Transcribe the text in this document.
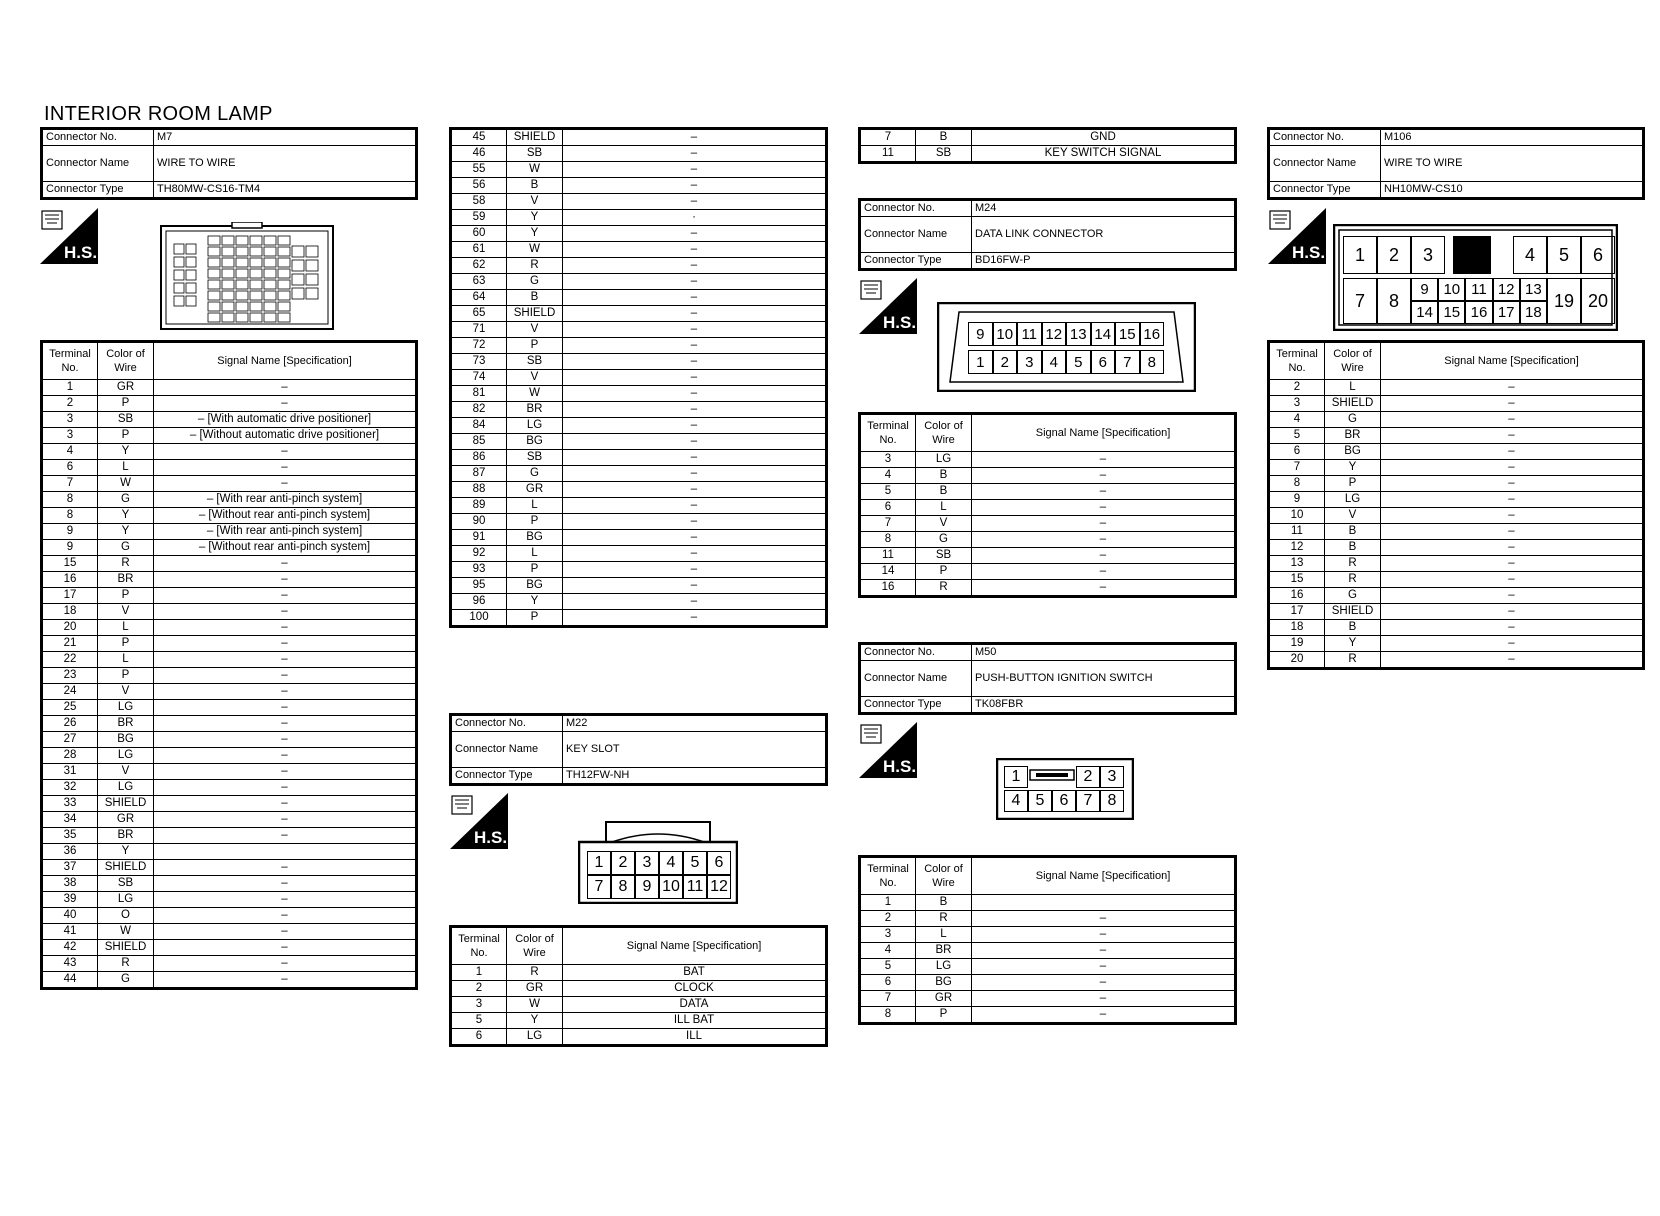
INTERIOR ROOM LAMP
Connector No.	M7
Connector Name	WIRE TO WIRE
Connector Type	TH80MW-CS16-TM4
H.S.
Terminal No.	Color of Wire	Signal Name [Specification]
1	GR	–
2	P	–
3	SB	– [With automatic drive positioner]
3	P	– [Without automatic drive positioner]
4	Y	–
6	L	–
7	W	–
8	G	– [With rear anti-pinch system]
8	Y	– [Without rear anti-pinch system]
9	Y	– [With rear anti-pinch system]
9	G	– [Without rear anti-pinch system]
15	R	–
16	BR	–
17	P	–
18	V	–
20	L	–
21	P	–
22	L	–
23	P	–
24	V	–
25	LG	–
26	BR	–
27	BG	–
28	LG	–
31	V	–
32	LG	–
33	SHIELD	–
34	GR	–
35	BR	–
36	Y	
37	SHIELD	–
38	SB	–
39	LG	–
40	O	–
41	W	–
42	SHIELD	–
43	R	–
44	G	–
45	SHIELD	–
46	SB	–
55	W	–
56	B	–
58	V	–
59	Y	·
60	Y	–
61	W	–
62	R	–
63	G	–
64	B	–
65	SHIELD	–
71	V	–
72	P	–
73	SB	–
74	V	–
81	W	–
82	BR	–
84	LG	–
85	BG	–
86	SB	–
87	G	–
88	GR	–
89	L	–
90	P	–
91	BG	–
92	L	–
93	P	–
95	BG	–
96	Y	–
100	P	–
Connector No.	M22
Connector Name	KEY SLOT
Connector Type	TH12FW-NH
H.S.
1 2 3 4 5 6
7 8 9 10 11 12
Terminal No.	Color of Wire	Signal Name [Specification]
1	R	BAT
2	GR	CLOCK
3	W	DATA
5	Y	ILL BAT
6	LG	ILL
7	B	GND
11	SB	KEY SWITCH SIGNAL
Connector No.	M24
Connector Name	DATA LINK CONNECTOR
Connector Type	BD16FW-P
H.S.
9 10 11 12 13 14 15 16
1	2	3	4	5	6	7	8
Terminal No.	Color of Wire	Signal Name [Specification]
3	LG	–
4	B	–
5	B	–
6	L	–
7	V	–
8	G	–
11	SB	–
14	P	–
16	R	–
Connector No.	M50
Connector Name	PUSH-BUTTON IGNITION SWITCH
Connector Type	TK08FBR
H.S.
1	2 3
4 5 6 7 8
Terminal No.	Color of Wire	Signal Name [Specification]
1	B	
2	R	–
3	L	–
4	BR	–
5	LG	–
6	BG	–
7	GR	–
8	P	–
Connector No.	M106
Connector Name	WIRE TO WIRE
Connector Type	NH10MW-CS10
H.S.	1	2	3	4	5	6
7	8
9 10 11 12 13
14 15 16 17 18
19 20
Terminal No.	Color of Wire	Signal Name [Specification]
2	L	–
3	SHIELD	–
4	G	–
5	BR	–
6	BG	–
7	Y	–
8	P	–
9	LG	–
10	V	–
11	B	–
12	B	–
13	R	–
15	R	–
16	G	–
17	SHIELD	–
18	B	–
19	Y	–
20	R	–
